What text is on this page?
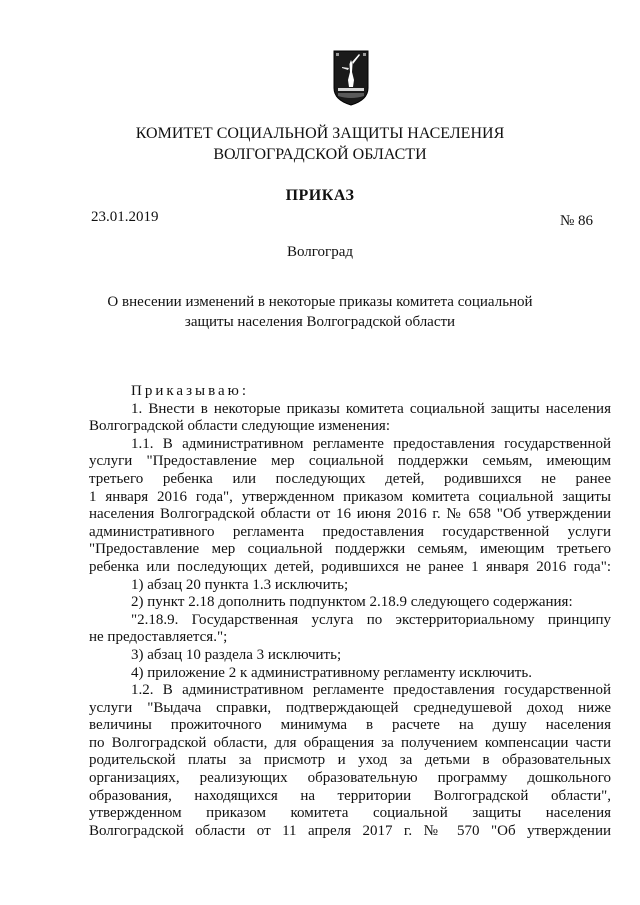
КОМИТЕТ СОЦИАЛЬНОЙ ЗАЩИТЫ НАСЕЛЕНИЯ
ВОЛГОГРАДСКОЙ ОБЛАСТИ
ПРИКАЗ
23.01.2019	№ 86
Волгоград
О внесении изменений в некоторые приказы комитета социальной
защиты населения Волгоградской области

Приказываю:

1. Внести в некоторые приказы комитета социальной защиты населения

Волгоградской области следующие изменения:

1.1. В административном регламенте предоставления государственной

услуги "Предоставление мер социальной поддержки семьям, имеющим

третьего ребенка или последующих детей, родившихся не ранее

1 января 2016 года", утвержденном приказом комитета социальной защиты

населения Волгоградской области от 16 июня 2016 г. № 658 "Об утверждении

административного регламента предоставления государственной услуги

"Предоставление мер социальной поддержки семьям, имеющим третьего

ребенка или последующих детей, родившихся не ранее 1 января 2016 года":

1) абзац 20 пункта 1.3 исключить;

2) пункт 2.18 дополнить подпунктом 2.18.9 следующего содержания:

"2.18.9. Государственная услуга по экстерриториальному принципу

не предоставляется.";

3) абзац 10 раздела 3 исключить;

4) приложение 2 к административному регламенту исключить.

1.2. В административном регламенте предоставления государственной

услуги "Выдача справки, подтверждающей среднедушевой доход ниже

величины прожиточного минимума в расчете на душу населения

по Волгоградской области, для обращения за получением компенсации части

родительской платы за присмотр и уход за детьми в образовательных

организациях, реализующих образовательную программу дошкольного

образования, находящихся на территории Волгоградской области",

утвержденном приказом комитета социальной защиты населения

Волгоградской области от 11 апреля 2017 г. № 570 "Об утверждении
